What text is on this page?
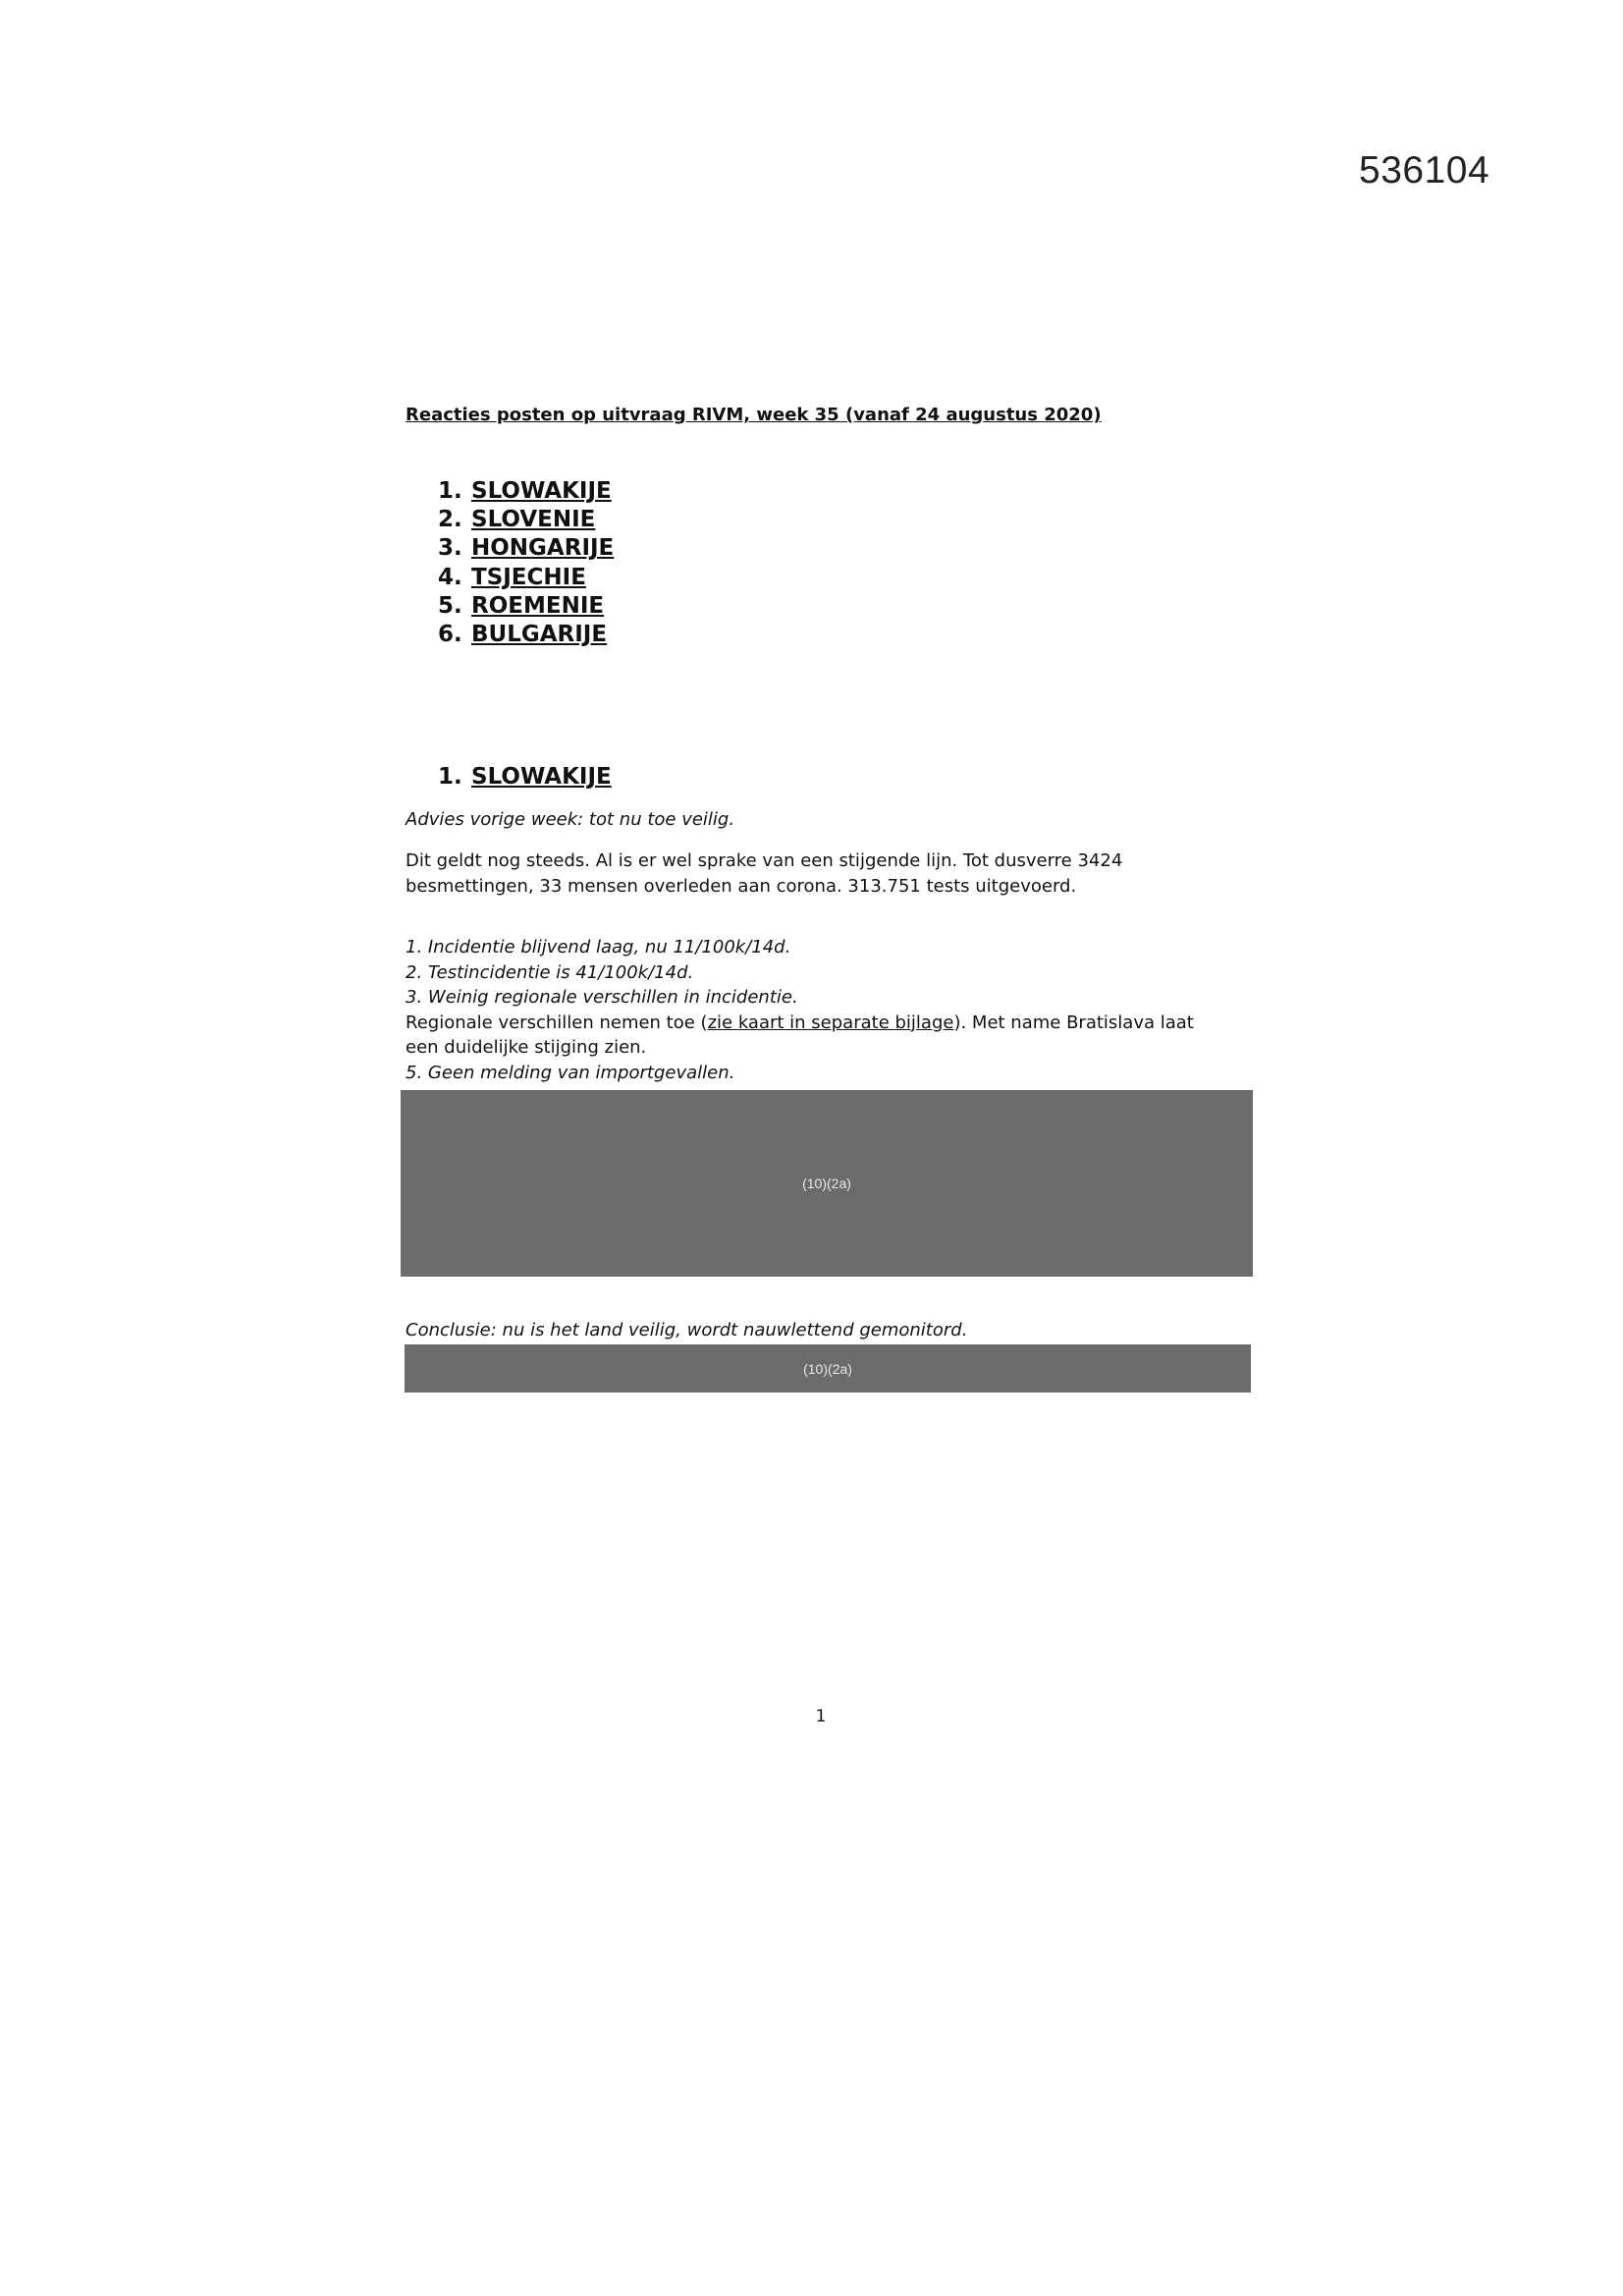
536104
Reacties posten op uitvraag RIVM, week 35 (vanaf 24 augustus 2020)
1. SLOWAKIJE
2. SLOVENIE
3. HONGARIJE
4. TSJECHIE
5. ROEMENIE
6. BULGARIJE
1. SLOWAKIJE
Advies vorige week: tot nu toe veilig.
Dit geldt nog steeds. Al is er wel sprake van een stijgende lijn. Tot dusverre 3424
besmettingen, 33 mensen overleden aan corona. 313.751 tests uitgevoerd.
1. Incidentie blijvend laag, nu 11/100k/14d.
2. Testincidentie is 41/100k/14d.
3. Weinig regionale verschillen in incidentie.
Regionale verschillen nemen toe (zie kaart in separate bijlage). Met name Bratislava laat
een duidelijke stijging zien.
5. Geen melding van importgevallen.
(10)(2a)
Conclusie: nu is het land veilig, wordt nauwlettend gemonitord.
(10)(2a)
1
